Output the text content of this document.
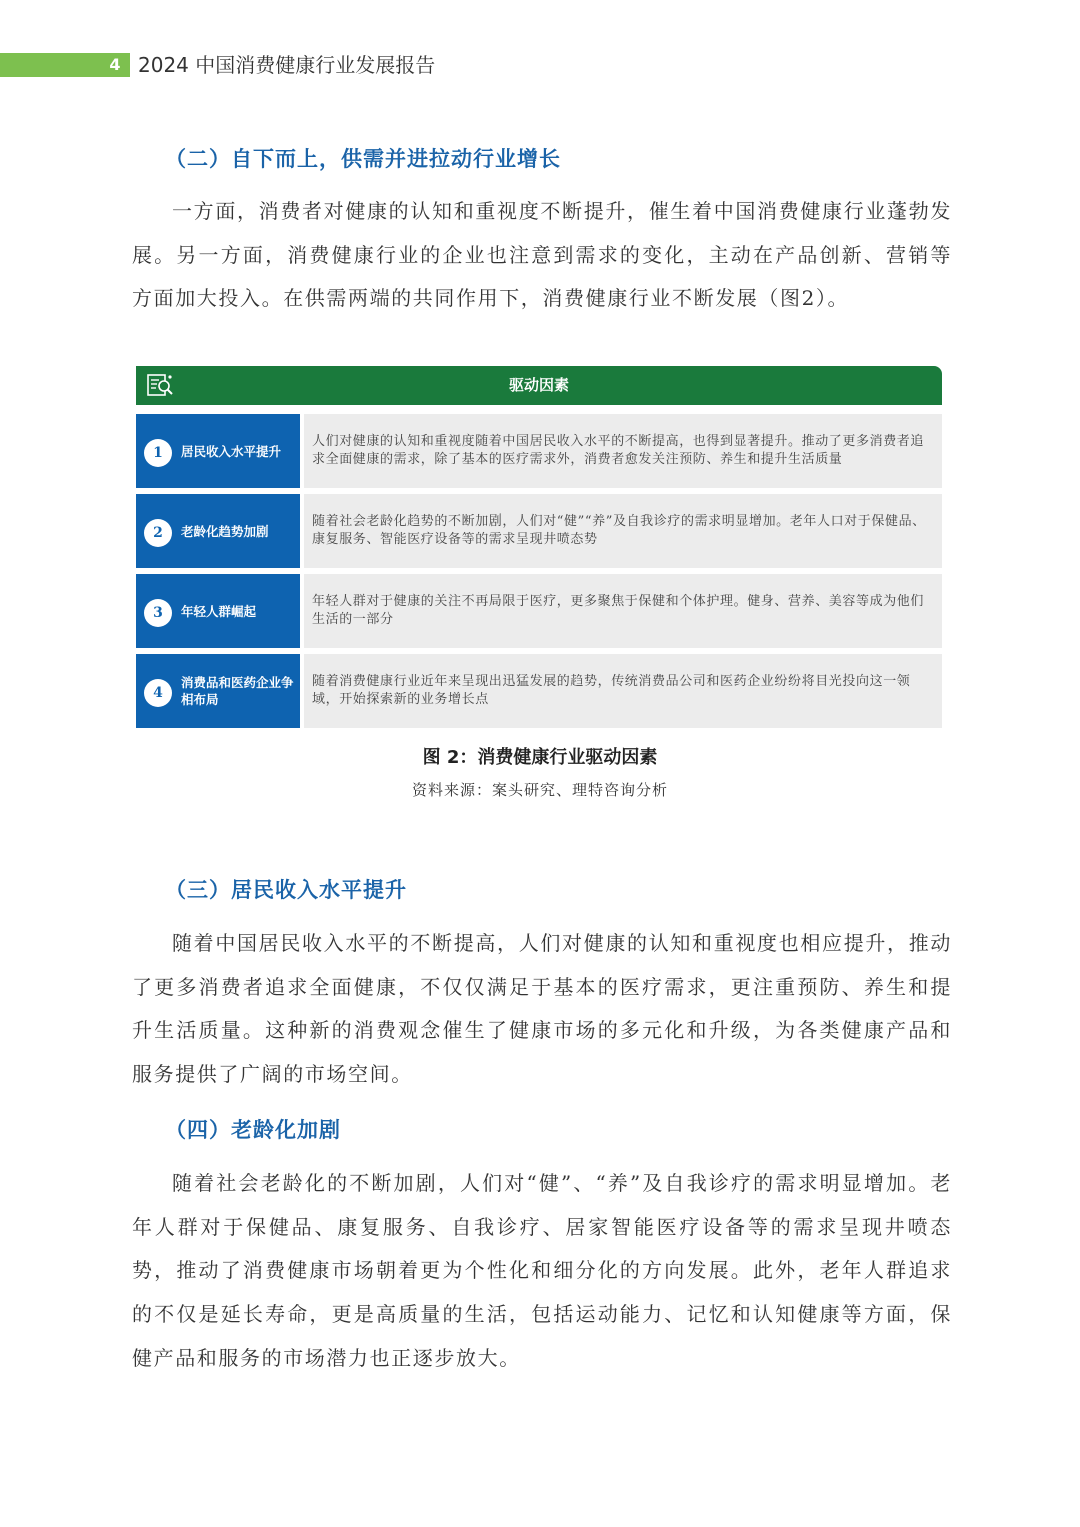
4 2024 中国消费健康行业发展报告
（二）自下而上，供需并进拉动行业增长

一方面，消费者对健康的认知和重视度不断提升，催生着中国消费健康行业蓬勃发展。另一方面，消费健康行业的企业也注意到需求的变化，主动在产品创新、营销等方面加大投入。在供需两端的共同作用下，消费健康行业不断发展（图2）。

驱动因素
1	居民收入水平提升
人们对健康的认知和重视度随着中国居民收入水平的不断提高，也得到显著提升。推动了更多消费者追求全面健康的需求，除了基本的医疗需求外，消费者愈发关注预防、养生和提升生活质量
2	老龄化趋势加剧
随着社会老龄化趋势的不断加剧，人们对“健”“养”及自我诊疗的需求明显增加。老年人口对于保健品、康复服务、智能医疗设备等的需求呈现井喷态势
3	年轻人群崛起
年轻人群对于健康的关注不再局限于医疗，更多聚焦于保健和个体护理。健身、营养、美容等成为他们生活的一部分
4
消费品和医药企业争相布局
随着消费健康行业近年来呈现出迅猛发展的趋势，传统消费品公司和医药企业纷纷将目光投向这一领域，开始探索新的业务增长点
图 2：消费健康行业驱动因素
资料来源：案头研究、理特咨询分析
（三）居民收入水平提升

随着中国居民收入水平的不断提高，人们对健康的认知和重视度也相应提升，推动了更多消费者追求全面健康，不仅仅满足于基本的医疗需求，更注重预防、养生和提升生活质量。这种新的消费观念催生了健康市场的多元化和升级，为各类健康产品和服务提供了广阔的市场空间。

（四）老龄化加剧

随着社会老龄化的不断加剧，人们对“健”、“养”及自我诊疗的需求明显增加。老年人群对于保健品、康复服务、自我诊疗、居家智能医疗设备等的需求呈现井喷态势，推动了消费健康市场朝着更为个性化和细分化的方向发展。此外，老年人群追求的不仅是延长寿命，更是高质量的生活，包括运动能力、记忆和认知健康等方面，保健产品和服务的市场潜力也正逐步放大。
